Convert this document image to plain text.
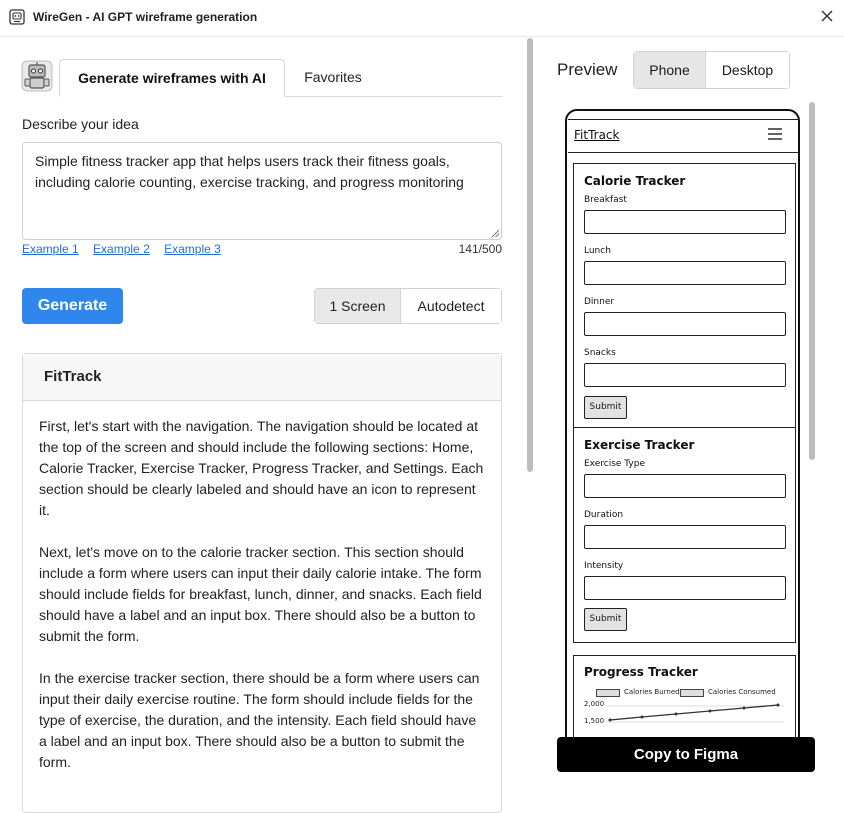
WireGen - AI GPT wireframe generation
Generate wireframes with AI	Favorites
Describe your idea
Simple fitness tracker app that helps users track their fitness goals, including calorie counting, exercise tracking, and progress monitoring
Example 1 Example 2 Example 3	141/500
Generate	1 Screen	Autodetect
FitTrack

First, let's start with the navigation. The navigation should be located at the top of the screen and should include the following sections: Home, Calorie Tracker, Exercise Tracker, Progress Tracker, and Settings. Each section should be clearly labeled and should have an icon to represent it.

Next, let's move on to the calorie tracker section. This section should include a form where users can input their daily calorie intake. The form should include fields for breakfast, lunch, dinner, and snacks. Each field should have a label and an input box. There should also be a button to submit the form.

In the exercise tracker section, there should be a form where users can input their daily exercise routine. The form should include fields for the type of exercise, the duration, and the intensity. Each field should have a label and an input box. There should also be a button to submit the form.

Preview	Phone	Desktop
FitTrack
Calorie Tracker
Breakfast
Lunch
Dinner
Snacks
Submit
Exercise Tracker
Exercise Type
Duration
Intensity
Submit
Progress Tracker
Calories Burned	Calories Consumed
2,000
1,500
Copy to Figma
